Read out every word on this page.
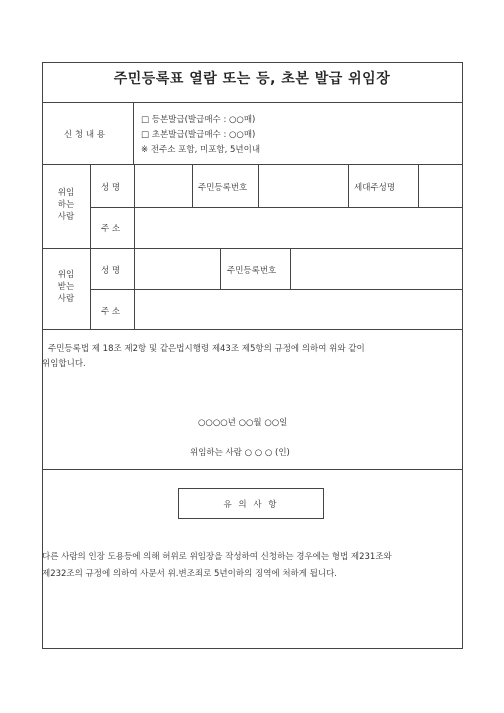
주민등록표 열람 또는 등, 초본 발급 위임장
신 청 내 용
□ 등본발급(발급매수 : ○○매)
□ 초본발급(발급매수 : ○○매)
※ 전주소 포함, 미포함, 5년이내
위임하는사람
성 명	주민등록번호	세대주성명
주 소
위임받는사람
성 명	주민등록번호
주 소
주민등록법 제 18조 제2항 및 같은법시행령 제43조 제5항의 규정에 의하여 위와 같이
위임합니다.
○○○○년 ○○월 ○○일
위임하는 사람 ○ ○ ○ (인)
유 의 사 항
다른 사람의 인장 도용등에 의해 허위로 위임장을 작성하여 신청하는 경우에는 형법 제231조와
제232조의 규정에 의하여 사문서 위.변조죄로 5년이하의 징역에 처하게 됩니다.
